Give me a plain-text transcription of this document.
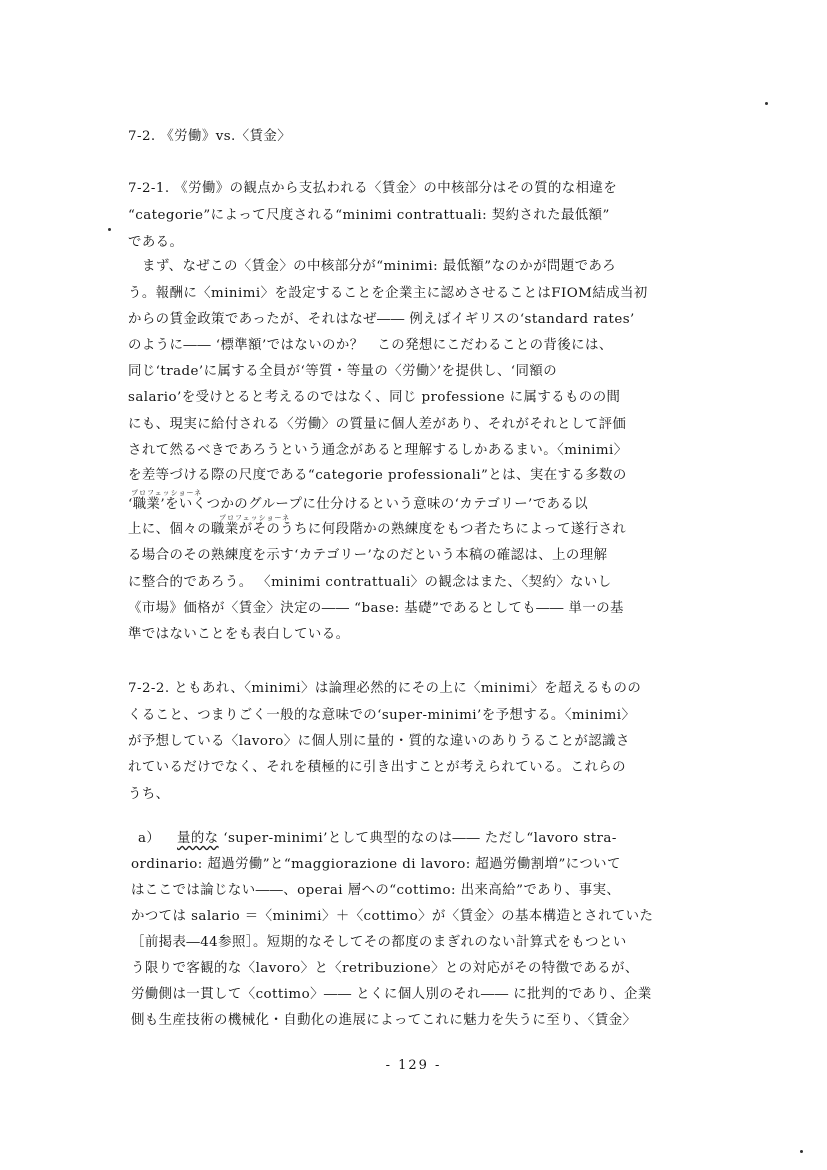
7-2. 《労働》vs.〈賃金〉
7-2-1. 《労働》の観点から支払われる〈賃金〉の中核部分はその質的な相違を
“categorie”によって尺度される“minimi contrattuali: 契約された最低額”
である。
まず、なぜこの〈賃金〉の中核部分が“minimi: 最低額”なのかが問題であろ
う。報酬に〈minimi〉を設定することを企業主に認めさせることはFIOM結成当初
からの賃金政策であったが、それはなぜ―― 例えばイギリスの‘standard rates’
のように―― ‘標準額’ではないのか？　この発想にこだわることの背後には、
同じ‘trade’に属する全員が‘等質・等量の〈労働〉’を提供し、‘同額の
salario’を受けとると考えるのではなく、同じ professione に属するものの間
にも、現実に給付される〈労働〉の質量に個人差があり、それがそれとして評価
されて然るべきであろうという通念があると理解するしかあるまい。〈minimi〉
を差等づける際の尺度である“categorie professionali”とは、実在する多数の
プロフェッショーネ
‘職業’をいくつかのグループに仕分けるという意味の‘カテゴリー’である以
プロフェッショーネ
上に、個々の職業がそのうちに何段階かの熟練度をもつ者たちによって遂行され
る場合のその熟練度を示す‘カテゴリー’なのだという本稿の確認は、上の理解
に整合的であろう。 〈minimi contrattuali〉の観念はまた、〈契約〉ないし
《市場》価格が〈賃金〉決定の―― “base: 基礎”であるとしても―― 単一の基
準ではないことをも表白している。
7-2-2. ともあれ、〈minimi〉は論理必然的にその上に〈minimi〉を超えるものの
くること、つまりごく一般的な意味での‘super-minimi’を予想する。〈minimi〉
が予想している〈lavoro〉に個人別に量的・質的な違いのありうることが認識さ
れているだけでなく、それを積極的に引き出すことが考えられている。これらの
うち、
a） 量的な ‘super-minimi’として典型的なのは―― ただし“lavoro stra-
ordinario: 超過労働”と“maggiorazione di lavoro: 超過労働割増”について
はここでは論じない――、operai 層への“cottimo: 出来高給”であり、事実、
かつては salario ＝〈minimi〉＋〈cottimo〉が〈賃金〉の基本構造とされていた
［前掲表―44参照］。短期的なそしてその都度のまぎれのない計算式をもつとい
う限りで客観的な〈lavoro〉と〈retribuzione〉との対応がその特徴であるが、
労働側は一貫して〈cottimo〉―― とくに個人別のそれ―― に批判的であり、企業
側も生産技術の機械化・自動化の進展によってこれに魅力を失うに至り、〈賃金〉
- 129 -
